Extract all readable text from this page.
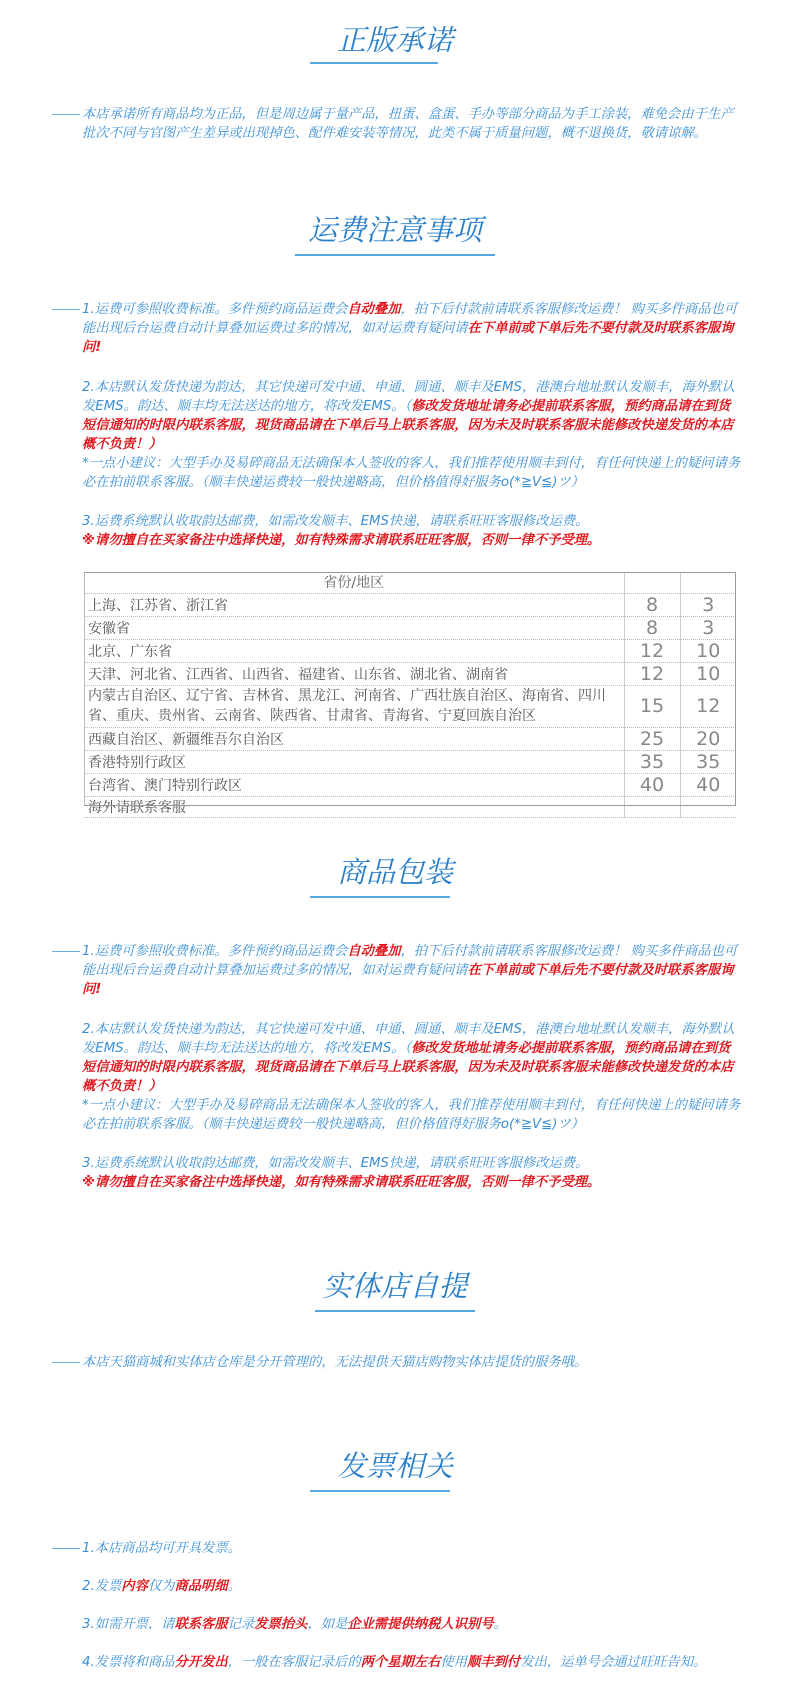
正版承诺
本店承诺所有商品均为正品，但是周边属于量产品，扭蛋、盒蛋、手办等部分商品为手工涂装，难免会由于生产批次不同与官图产生差异或出现掉色、配件难安装等情况，此类不属于质量问题，概不退换货，敬请谅解。
运费注意事项
1.运费可参照收费标准。多件预约商品运费会自动叠加，拍下后付款前请联系客服修改运费！ 购买多件商品也可能出现后台运费自动计算叠加运费过多的情况，如对运费有疑问请在下单前或下单后先不要付款及时联系客服询问!
2.本店默认发货快递为韵达，其它快递可发中通、申通、圆通、顺丰及EMS，港澳台地址默认发顺丰，海外默认发EMS。韵达、顺丰均无法送达的地方，将改发EMS。（修改发货地址请务必提前联系客服，预约商品请在到货短信通知的时限内联系客服，现货商品请在下单后马上联系客服，因为未及时联系客服未能修改快递发货的本店概不负责！）
*一点小建议：大型手办及易碎商品无法确保本人签收的客人，我们推荐使用顺丰到付，有任何快递上的疑问请务必在拍前联系客服。（顺丰快递运费较一般快递略高，但价格值得好服务o(*≧V≦)ツ）
3.运费系统默认收取韵达邮费，如需改发顺丰、EMS快递，请联系旺旺客服修改运费。
※请勿擅自在买家备注中选择快递，如有特殊需求请联系旺旺客服，否则一律不予受理。
省份/地区		
上海、江苏省、浙江省	8	3
安徽省	8	3
北京、广东省	12	10
天津、河北省、江西省、山西省、福建省、山东省、湖北省、湖南省	12	10
内蒙古自治区、辽宁省、吉林省、黑龙江、河南省、广西壮族自治区、海南省、四川省、重庆、贵州省、云南省、陕西省、甘肃省、青海省、宁夏回族自治区	15	12
西藏自治区、新疆维吾尔自治区	25	20
香港特别行政区	35	35
台湾省、澳门特别行政区	40	40
海外请联系客服		
商品包装
1.运费可参照收费标准。多件预约商品运费会自动叠加，拍下后付款前请联系客服修改运费！ 购买多件商品也可能出现后台运费自动计算叠加运费过多的情况，如对运费有疑问请在下单前或下单后先不要付款及时联系客服询问!
2.本店默认发货快递为韵达，其它快递可发中通、申通、圆通、顺丰及EMS，港澳台地址默认发顺丰，海外默认发EMS。韵达、顺丰均无法送达的地方，将改发EMS。（修改发货地址请务必提前联系客服，预约商品请在到货短信通知的时限内联系客服，现货商品请在下单后马上联系客服，因为未及时联系客服未能修改快递发货的本店概不负责！）
*一点小建议：大型手办及易碎商品无法确保本人签收的客人，我们推荐使用顺丰到付，有任何快递上的疑问请务必在拍前联系客服。（顺丰快递运费较一般快递略高，但价格值得好服务o(*≧V≦)ツ）
3.运费系统默认收取韵达邮费，如需改发顺丰、EMS快递，请联系旺旺客服修改运费。
※请勿擅自在买家备注中选择快递，如有特殊需求请联系旺旺客服，否则一律不予受理。
实体店自提
本店天猫商城和实体店仓库是分开管理的，无法提供天猫店购物实体店提货的服务哦。
发票相关
1.本店商品均可开具发票。
2.发票内容仅为商品明细。
3.如需开票，请联系客服记录发票抬头，如是企业需提供纳税人识别号。
4.发票将和商品分开发出，一般在客服记录后的两个星期左右使用顺丰到付发出，运单号会通过旺旺告知。
